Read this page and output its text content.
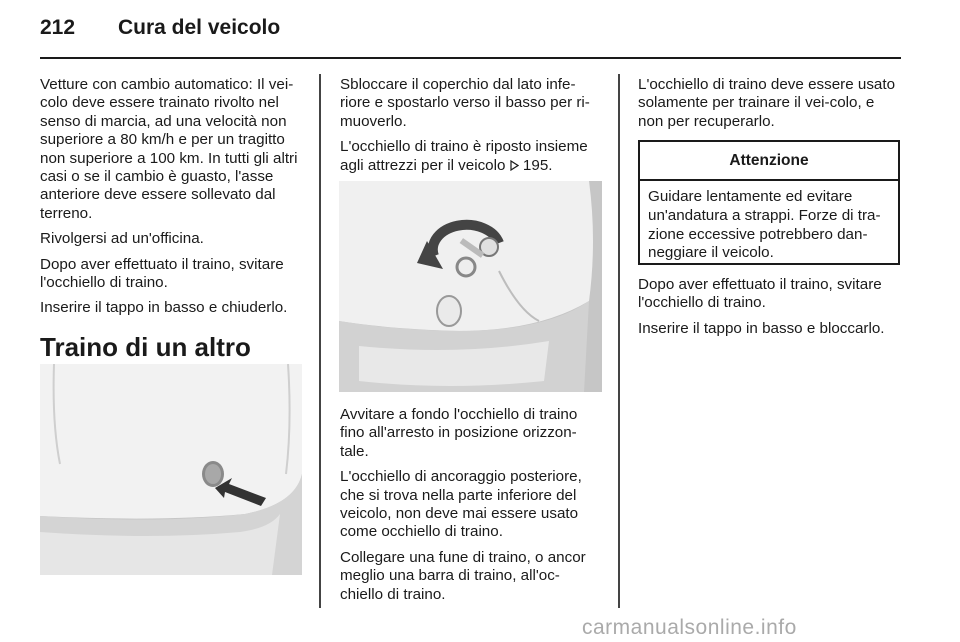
212 Cura del veicolo

Vetture con cambio automatico: Il vei-colo deve essere trainato rivolto nel senso di marcia, ad una velocità non superiore a 80 km/h e per un tragitto non superiore a 100 km. In tutti gli altri casi o se il cambio è guasto, l'asse anteriore deve essere sollevato dal terreno.

Rivolgersi ad un'officina.

Dopo aver effettuato il traino, svitare l'occhiello di traino.

Inserire il tappo in basso e chiuderlo.

Traino di un altro

Sbloccare il coperchio dal lato infe-riore e spostarlo verso il basso per ri-muoverlo.

L'occhiello di traino è riposto insieme agli attrezzi per il veicolo 195.

Avvitare a fondo l'occhiello di traino fino all'arresto in posizione orizzon-tale.

L'occhiello di ancoraggio posteriore, che si trova nella parte inferiore del veicolo, non deve mai essere usato come occhiello di traino.

Collegare una fune di traino, o ancor meglio una barra di traino, all'oc-chiello di traino.

L'occhiello di traino deve essere usato solamente per trainare il vei-colo, e non per recuperarlo.

Attenzione
Guidare lentamente ed evitare un'andatura a strappi. Forze di tra-zione eccessive potrebbero dan-neggiare il veicolo.

Dopo aver effettuato il traino, svitare l'occhiello di traino.

Inserire il tappo in basso e bloccarlo.

carmanualsonline.info
